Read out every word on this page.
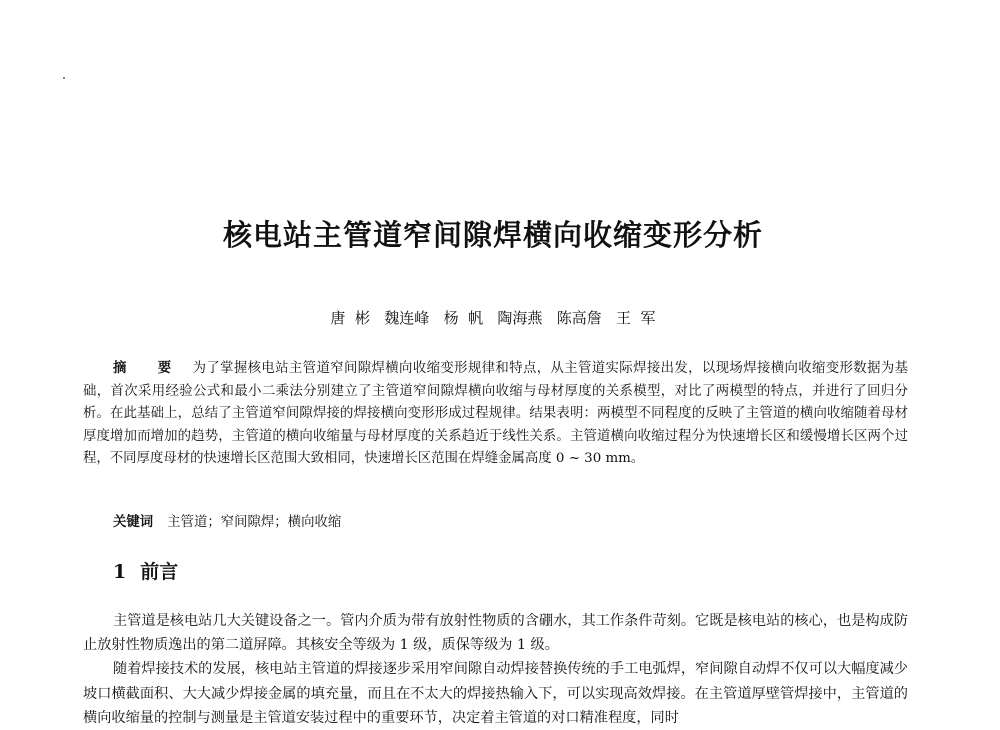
核电站主管道窄间隙焊横向收缩变形分析
唐  彬   魏连峰   杨  帆   陶海燕   陈高詹   王  军

摘 要 为了掌握核电站主管道窄间隙焊横向收缩变形规律和特点，从主管道实际焊接出发，以现场焊接横向收缩变形数据为基础，首次采用经验公式和最小二乘法分别建立了主管道窄间隙焊横向收缩与母材厚度的关系模型，对比了两模型的特点，并进行了回归分析。在此基础上，总结了主管道窄间隙焊接的焊接横向变形形成过程规律。结果表明：两模型不同程度的反映了主管道的横向收缩随着母材厚度增加而增加的趋势，主管道的横向收缩量与母材厚度的关系趋近于线性关系。主管道横向收缩过程分为快速增长区和缓慢增长区两个过程，不同厚度母材的快速增长区范围大致相同，快速增长区范围在焊缝金属高度 0 ~ 30 mm。

关键词 主管道；窄间隙焊；横向收缩

1 前言

主管道是核电站几大关键设备之一。管内介质为带有放射性物质的含硼水，其工作条件苛刻。它既是核电站的核心，也是构成防止放射性物质逸出的第二道屏障。其核安全等级为 1 级，质保等级为 1 级。

随着焊接技术的发展，核电站主管道的焊接逐步采用窄间隙自动焊接替换传统的手工电弧焊，窄间隙自动焊不仅可以大幅度减少坡口横截面积、大大减少焊接金属的填充量，而且在不太大的焊接热输入下，可以实现高效焊接。在主管道厚壁管焊接中，主管道的横向收缩量的控制与测量是主管道安装过程中的重要环节，决定着主管道的对口精准程度，同时
